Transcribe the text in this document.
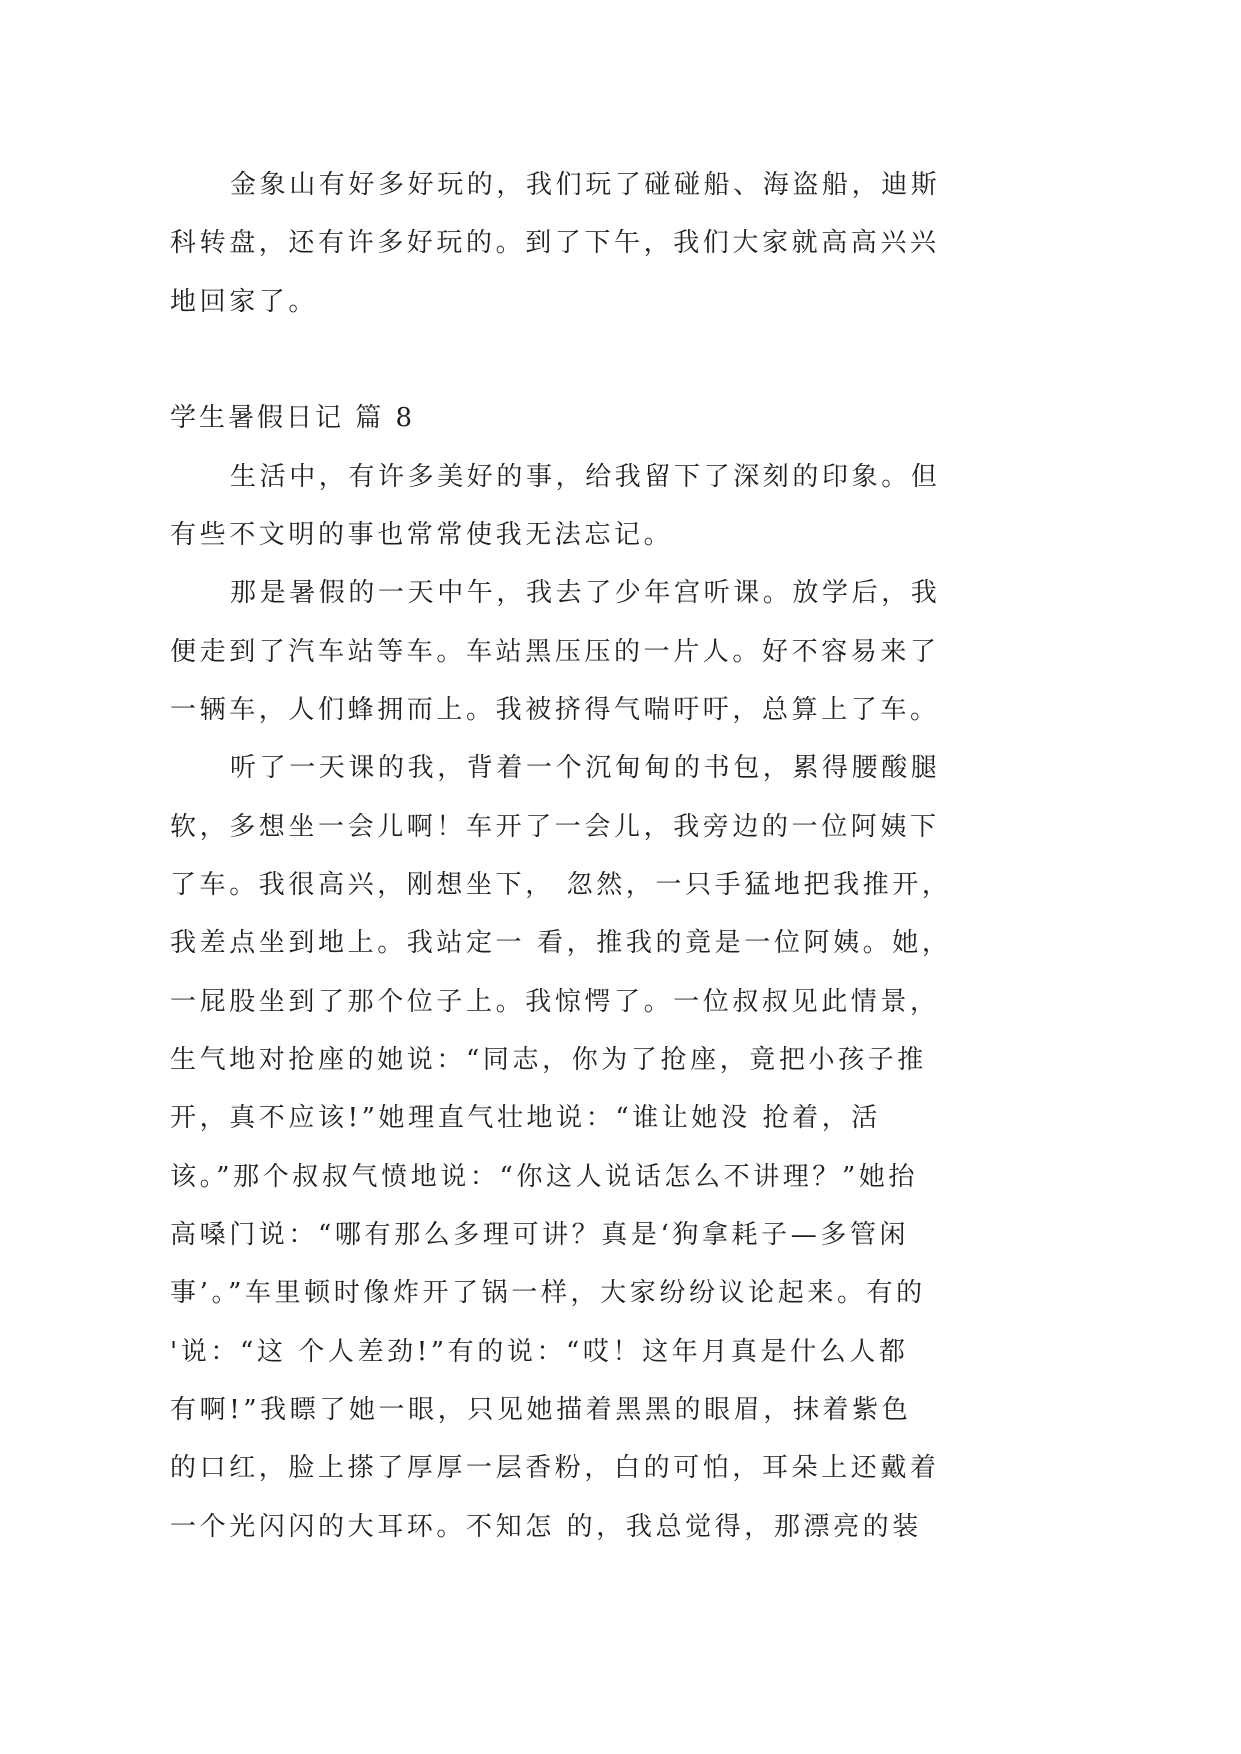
金象山有好多好玩的，我们玩了碰碰船、海盗船，迪斯
科转盘，还有许多好玩的。到了下午，我们大家就高高兴兴
地回家了。
学生暑假日记 篇 8
生活中，有许多美好的事，给我留下了深刻的印象。但
有些不文明的事也常常使我无法忘记。
那是暑假的一天中午，我去了少年宫听课。放学后，我
便走到了汽车站等车。车站黑压压的一片人。好不容易来了
一辆车，人们蜂拥而上。我被挤得气喘吁吁，总算上了车。
听了一天课的我，背着一个沉甸甸的书包，累得腰酸腿
软，多想坐一会儿啊！车开了一会儿，我旁边的一位阿姨下
了车。我很高兴，刚想坐下， 忽然，一只手猛地把我推开，
我差点坐到地上。我站定一 看，推我的竟是一位阿姨。她，
一屁股坐到了那个位子上。我惊愕了。一位叔叔见此情景，
生气地对抢座的她说：“同志，你为了抢座，竟把小孩子推
开，真不应该!”她理直气壮地说：“谁让她没 抢着，活
该。”那个叔叔气愤地说：“你这人说话怎么不讲理？”她抬
高嗓门说：“哪有那么多理可讲？真是‘狗拿耗子—多管闲
事’。”车里顿时像炸开了锅一样，大家纷纷议论起来。有的
'说：“这 个人差劲!”有的说：“哎！这年月真是什么人都
有啊!”我瞟了她一眼，只见她描着黑黑的眼眉，抹着紫色
的口红，脸上搽了厚厚一层香粉，白的可怕，耳朵上还戴着
一个光闪闪的大耳环。不知怎 的，我总觉得，那漂亮的装
